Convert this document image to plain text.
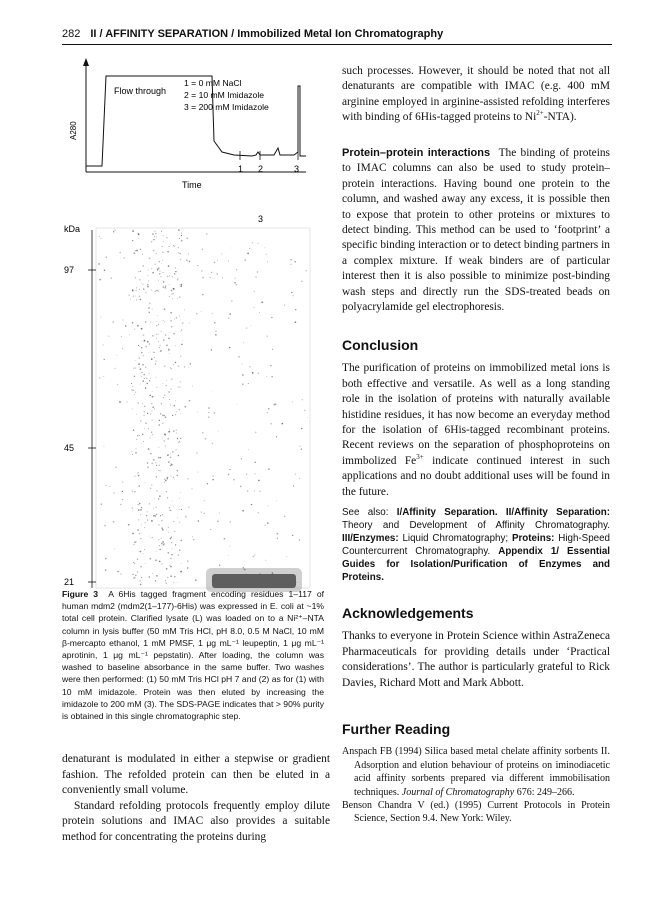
282 II / AFFINITY SEPARATION / Immobilized Metal Ion Chromatography
1 2	3
Flow through
1 = 0 mM NaCl
2 = 10 mM Imidazole
3 = 200 mM Imidazole
A280
Time
kDa
3
97
45
21
Figure 3 A 6His tagged fragment encoding residues 1–117 of human mdm2 (mdm2(1–177)-6His) was expressed in E. coli at ~1% total cell protein. Clarified lysate (L) was loaded on to a Ni²⁺–NTA column in lysis buffer (50 mM Tris HCl, pH 8.0, 0.5 M NaCl, 10 mM β-mercapto ethanol, 1 mM PMSF, 1 μg mL⁻¹ leupeptin, 1 μg mL⁻¹ aprotinin, 1 μg mL⁻¹ pepstatin). After loading, the column was washed to baseline absorbance in the same buffer. Two washes were then performed: (1) 50 mM Tris HCl pH 7 and (2) as for (1) with 10 mM imidazole. Protein was then eluted by increasing the imidazole to 200 mM (3). The SDS-PAGE indicates that > 90% purity is obtained in this single chromatographic step.

denaturant is modulated in either a stepwise or gradient fashion. The refolded protein can then be eluted in a conveniently small volume.

Standard refolding protocols frequently employ dilute protein solutions and IMAC also provides a suitable method for concentrating the proteins during

such processes. However, it should be noted that not all denaturants are compatible with IMAC (e.g. 400 mM arginine employed in arginine-assisted refolding interferes with binding of 6His-tagged proteins to $Ni^{2+}-NTA$).

Protein–protein interactions The binding of proteins to IMAC columns can also be used to study protein–protein interactions. Having bound one protein to the column, and washed away any excess, it is possible then to expose that protein to other proteins or mixtures to detect binding. This method can be used to ‘footprint’ a specific binding interaction or to detect binding partners in a complex mixture. If weak binders are of particular interest then it is also possible to minimize post-binding wash steps and directly run the SDS-treated beads on polyacrylamide gel electrophoresis.

Conclusion

The purification of proteins on immobilized metal ions is both effective and versatile. As well as a long standing role in the isolation of proteins with naturally available histidine residues, it has now become an everyday method for the isolation of 6His-tagged recombinant proteins. Recent reviews on the separation of phosphoproteins on immbolized $Fe^{3+}$ indicate continued interest in such applications and no doubt additional uses will be found in the future.

See also: I/Affinity Separation. II/Affinity Separation: Theory and Development of Affinity Chromatography. III/Enzymes: Liquid Chromatography; Proteins: High-Speed Countercurrent Chromatography. Appendix 1/ Essential Guides for Isolation/Purification of Enzymes and Proteins.
Acknowledgements

Thanks to everyone in Protein Science within AstraZeneca Pharmaceuticals for providing details under ‘Practical considerations’. The author is particularly grateful to Rick Davies, Richard Mott and Mark Abbott.

Further Reading

Anspach FB (1994) Silica based metal chelate affinity sorbents II. Adsorption and elution behaviour of proteins on iminodiacetic acid affinity sorbents prepared via different immobilisation techniques. Journal of Chromatography 676: 249–266.

Benson Chandra V (ed.) (1995) Current Protocols in Protein Science, Section 9.4. New York: Wiley.
